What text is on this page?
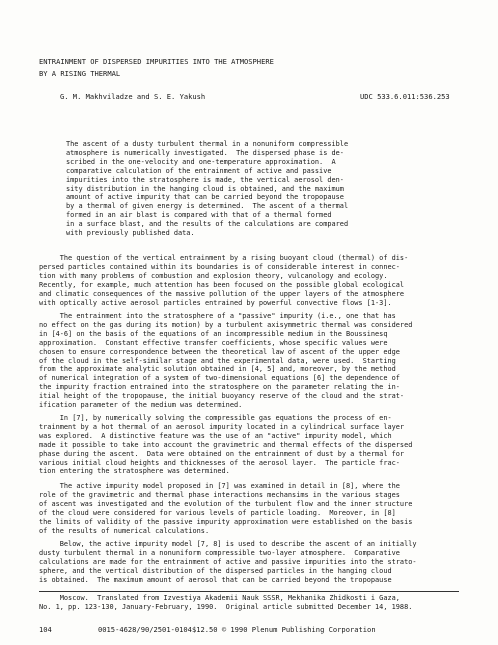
ENTRAINMENT OF DISPERSED IMPURITIES INTO THE ATMOSPHERE
BY A RISING THERMAL
G. M. Makhviladze and S. E. Yakush	UDC 533.6.011:536.253
The ascent of a dusty turbulent thermal in a nonuniform compressible
atmosphere is numerically investigated.  The dispersed phase is de-
scribed in the one-velocity and one-temperature approximation.  A
comparative calculation of the entrainment of active and passive
impurities into the stratosphere is made, the vertical aerosol den-
sity distribution in the hanging cloud is obtained, and the maximum
amount of active impurity that can be carried beyond the tropopause
by a thermal of given energy is determined.  The ascent of a thermal
formed in an air blast is compared with that of a thermal formed
in a surface blast, and the results of the calculations are compared
with previously published data.
The question of the vertical entrainment by a rising buoyant cloud (thermal) of dis-
persed particles contained within its boundaries is of considerable interest in connec-
tion with many problems of combustion and explosion theory, vulcanology and ecology.
Recently, for example, much attention has been focused on the possible global ecological
and climatic consequences of the massive pollution of the upper layers of the atmosphere
with optically active aerosol particles entrained by powerful convective flows [1-3].
The entrainment into the stratosphere of a "passive" impurity (i.e., one that has
no effect on the gas during its motion) by a turbulent axisymmetric thermal was considered
in [4-6] on the basis of the equations of an incompressible medium in the Boussinesq
approximation.  Constant effective transfer coefficients, whose specific values were
chosen to ensure correspondence between the theoretical law of ascent of the upper edge
of the cloud in the self-similar stage and the experimental data, were used.  Starting
from the approximate analytic solution obtained in [4, 5] and, moreover, by the method
of numerical integration of a system of two-dimensional equations [6] the dependence of
the impurity fraction entrained into the stratosphere on the parameter relating the in-
itial height of the tropopause, the initial buoyancy reserve of the cloud and the strat-
ification parameter of the medium was determined.
In [7], by numerically solving the compressible gas equations the process of en-
trainment by a hot thermal of an aerosol impurity located in a cylindrical surface layer
was explored.  A distinctive feature was the use of an "active" impurity model, which
made it possible to take into account the gravimetric and thermal effects of the dispersed
phase during the ascent.  Data were obtained on the entrainment of dust by a thermal for
various initial cloud heights and thicknesses of the aerosol layer.  The particle frac-
tion entering the stratosphere was determined.
The active impurity model proposed in [7] was examined in detail in [8], where the
role of the gravimetric and thermal phase interactions mechansims in the various stages
of ascent was investigated and the evolution of the turbulent flow and the inner structure
of the cloud were considered for various levels of particle loading.  Moreover, in [8]
the limits of validity of the passive impurity approximation were established on the basis
of the results of numerical calculations.
Below, the active impurity model [7, 8] is used to describe the ascent of an initially
dusty turbulent thermal in a nonuniform compressible two-layer atmosphere.  Comparative
calculations are made for the entrainment of active and passive impurities into the strato-
sphere, and the vertical distribution of the dispersed particles in the hanging cloud
is obtained.  The maximum amount of aerosol that can be carried beyond the tropopause
Moscow.  Translated from Izvestiya Akademii Nauk SSSR, Mekhanika Zhidkosti i Gaza,
No. 1, pp. 123-130, January-February, 1990.  Original article submitted December 14, 1988.
104	0015-4628/90/2501-0104$12.50 © 1990 Plenum Publishing Corporation
